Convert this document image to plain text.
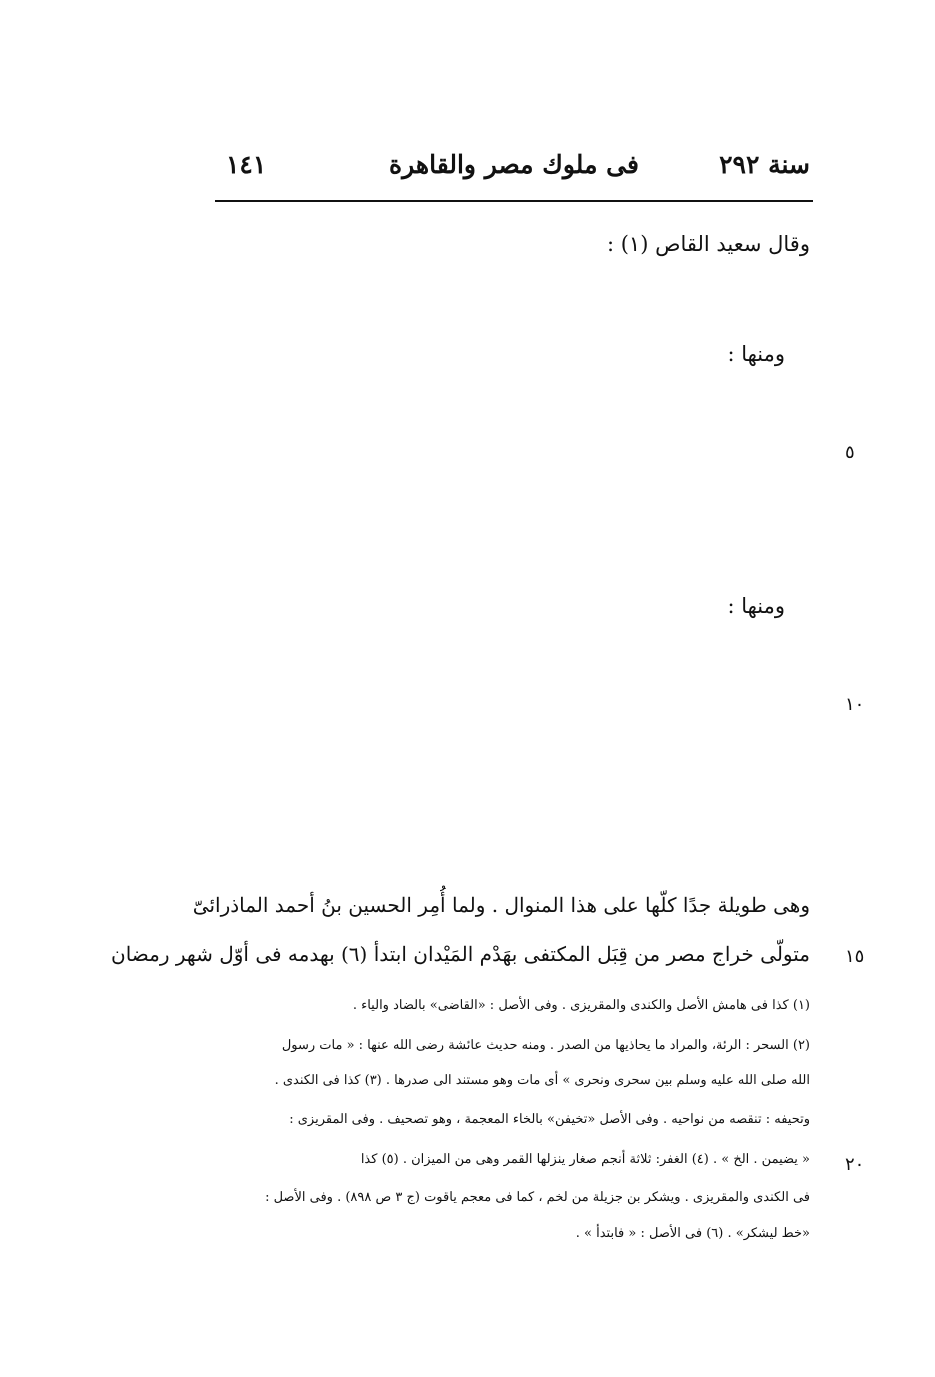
سنة ٢٩٢
فى ملوك مصر والقاهرة
١٤١
وقال سعيد القاص (١) :
ومنها :
ومنها :
وهى طويلة جدًا كلّها على هذا المنوال . ولما أُمِر الحسين بنُ أحمد الماذرائىّ
متولّى خراج مصر من قِبَل المكتفى بهَدْم المَيْدان ابتدأ (٦) بهدمه فى أوّل شهر رمضان
(١) كذا فى هامش الأصل والكندى والمقريزى . وفى الأصل : «القاضى» بالضاد والياء .
(٢) السحر : الرئة، والمراد ما يحاذيها من الصدر . ومنه حديث عائشة رضى الله عنها : « مات رسول
الله صلى الله عليه وسلم بين سحرى ونحرى » أى مات وهو مستند الى صدرها . (٣) كذا فى الكندى .
وتحيفه : تنقصه من نواحيه . وفى الأصل «تخيفن» بالخاء المعجمة ، وهو تصحيف . وفى المقريزى :
« يضيمن . الخ » . (٤) الغفر: ثلاثة أنجم صغار ينزلها القمر وهى من الميزان . (٥) كذا
فى الكندى والمقريزى . ويشكر بن جزيلة من لخم ، كما فى معجم ياقوت (ج ٣ ص ٨٩٨) . وفى الأصل :
«خط ليشكر» . (٦) فى الأصل : « فابتدأ » .
٥
١٠
١٥
٢٠
